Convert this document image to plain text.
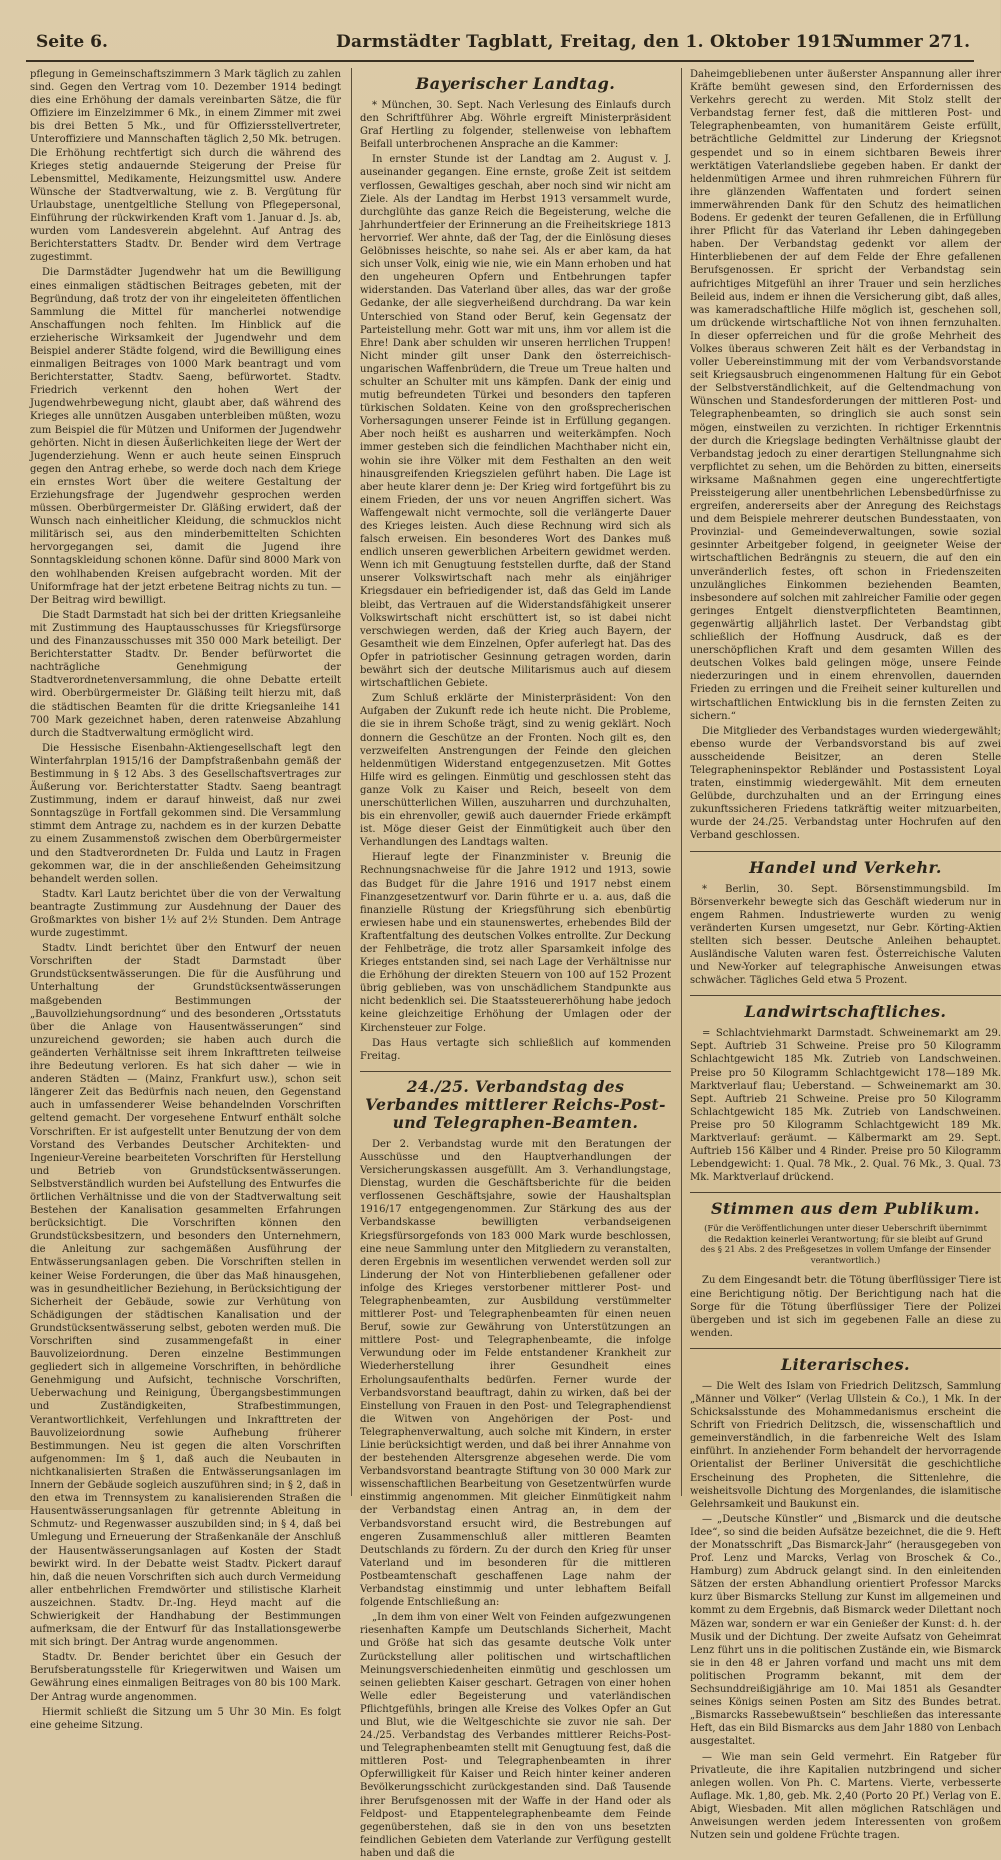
Seite 6.	Darmstädter Tagblatt, Freitag, den 1. Oktober 1915.
Nummer 271.

pflegung in Gemeinschaftszimmern 3 Mark täglich zu zahlen sind. Gegen den Vertrag vom 10. Dezember 1914 bedingt dies eine Erhöhung der damals vereinbarten Sätze, die für Offiziere im Einzelzimmer 6 Mk., in einem Zimmer mit zwei bis drei Betten 5 Mk., und für Offiziersstellvertreter, Unteroffiziere und Mannschaften täglich 2,50 Mk. betrugen. Die Erhöhung rechtfertigt sich durch die während des Krieges stetig andauernde Steigerung der Preise für Lebensmittel, Medikamente, Heizungsmittel usw. Andere Wünsche der Stadtverwaltung, wie z. B. Vergütung für Urlaubstage, unentgeltliche Stellung von Pflegepersonal, Einführung der rückwirkenden Kraft vom 1. Januar d. Js. ab, wurden vom Landesverein abgelehnt. Auf Antrag des Berichterstatters Stadtv. Dr. Bender wird dem Vertrage zugestimmt.

Die Darmstädter Jugendwehr hat um die Bewilligung eines einmaligen städtischen Beitrages gebeten, mit der Begründung, daß trotz der von ihr eingeleiteten öffentlichen Sammlung die Mittel für mancherlei notwendige Anschaffungen noch fehlten. Im Hinblick auf die erzieherische Wirksamkeit der Jugendwehr und dem Beispiel anderer Städte folgend, wird die Bewilligung eines einmaligen Beitrages von 1000 Mark beantragt und vom Berichterstatter, Stadtv. Saeng, befürwortet. Stadtv. Friedrich verkennt den hohen Wert der Jugendwehrbewegung nicht, glaubt aber, daß während des Krieges alle unnützen Ausgaben unterbleiben müßten, wozu zum Beispiel die für Mützen und Uniformen der Jugendwehr gehörten. Nicht in diesen Äußerlichkeiten liege der Wert der Jugenderziehung. Wenn er auch heute seinen Einspruch gegen den Antrag erhebe, so werde doch nach dem Kriege ein ernstes Wort über die weitere Gestaltung der Erziehungsfrage der Jugendwehr gesprochen werden müssen. Oberbürgermeister Dr. Gläßing erwidert, daß der Wunsch nach einheitlicher Kleidung, die schmucklos nicht militärisch sei, aus den minderbemittelten Schichten hervorgegangen sei, damit die Jugend ihre Sonntagskleidung schonen könne. Dafür sind 8000 Mark von den wohlhabenden Kreisen aufgebracht worden. Mit der Uniformfrage hat der jetzt erbetene Beitrag nichts zu tun. — Der Beitrag wird bewilligt.

Die Stadt Darmstadt hat sich bei der dritten Kriegsanleihe mit Zustimmung des Hauptausschusses für Kriegsfürsorge und des Finanzausschusses mit 350 000 Mark beteiligt. Der Berichterstatter Stadtv. Dr. Bender befürwortet die nachträgliche Genehmigung der Stadtverordnetenversammlung, die ohne Debatte erteilt wird. Oberbürgermeister Dr. Gläßing teilt hierzu mit, daß die städtischen Beamten für die dritte Kriegsanleihe 141 700 Mark gezeichnet haben, deren ratenweise Abzahlung durch die Stadtverwaltung ermöglicht wird.

Die Hessische Eisenbahn-Aktiengesellschaft legt den Winterfahrplan 1915/16 der Dampfstraßenbahn gemäß der Bestimmung in § 12 Abs. 3 des Gesellschaftsvertrages zur Äußerung vor. Berichterstatter Stadtv. Saeng beantragt Zustimmung, indem er darauf hinweist, daß nur zwei Sonntagszüge in Fortfall gekommen sind. Die Versammlung stimmt dem Antrage zu, nachdem es in der kurzen Debatte zu einem Zusammenstoß zwischen dem Oberbürgermeister und den Stadtverordneten Dr. Fulda und Lautz in Fragen gekommen war, die in der anschließenden Geheimsitzung behandelt werden sollen.

Stadtv. Karl Lautz berichtet über die von der Verwaltung beantragte Zustimmung zur Ausdehnung der Dauer des Großmarktes von bisher 1½ auf 2½ Stunden. Dem Antrage wurde zugestimmt.

Stadtv. Lindt berichtet über den Entwurf der neuen Vorschriften der Stadt Darmstadt über Grundstücksentwässerungen. Die für die Ausführung und Unterhaltung der Grundstücksentwässerungen maßgebenden Bestimmungen der „Bauvollziehungsordnung“ und des besonderen „Ortsstatuts über die Anlage von Hausentwässerungen“ sind unzureichend geworden; sie haben auch durch die geänderten Verhältnisse seit ihrem Inkrafttreten teilweise ihre Bedeutung verloren. Es hat sich daher — wie in anderen Städten — (Mainz, Frankfurt usw.), schon seit längerer Zeit das Bedürfnis nach neuen, den Gegenstand auch in umfassenderer Weise behandelnden Vorschriften geltend gemacht. Der vorgesehene Entwurf enthält solche Vorschriften. Er ist aufgestellt unter Benutzung der von dem Vorstand des Verbandes Deutscher Architekten- und Ingenieur-Vereine bearbeiteten Vorschriften für Herstellung und Betrieb von Grundstücksentwässerungen. Selbstverständlich wurden bei Aufstellung des Entwurfes die örtlichen Verhältnisse und die von der Stadtverwaltung seit Bestehen der Kanalisation gesammelten Erfahrungen berücksichtigt. Die Vorschriften können den Grundstücksbesitzern, und besonders den Unternehmern, die Anleitung zur sachgemäßen Ausführung der Entwässerungsanlagen geben. Die Vorschriften stellen in keiner Weise Forderungen, die über das Maß hinausgehen, was in gesundheitlicher Beziehung, in Berücksichtigung der Sicherheit der Gebäude, sowie zur Verhütung von Schädigungen der städtischen Kanalisation und der Grundstücksentwässerung selbst, geboten werden muß. Die Vorschriften sind zusammengefaßt in einer Bauvolizeiordnung. Deren einzelne Bestimmungen gegliedert sich in allgemeine Vorschriften, in behördliche Genehmigung und Aufsicht, technische Vorschriften, Ueberwachung und Reinigung, Übergangsbestimmungen und Zuständigkeiten, Strafbestimmungen, Verantwortlichkeit, Verfehlungen und Inkrafttreten der Bauvolizeiordnung sowie Aufhebung früherer Bestimmungen. Neu ist gegen die alten Vorschriften aufgenommen: Im § 1, daß auch die Neubauten in nichtkanalisierten Straßen die Entwässerungsanlagen im Innern der Gebäude sogleich auszuführen sind; in § 2, daß in den etwa im Trennsystem zu kanalisierenden Straßen die Hausentwässerungsanlagen für getrennte Ableitung in Schmutz- und Regenwasser auszubilden sind; in § 4, daß bei Umlegung und Erneuerung der Straßenkanäle der Anschluß der Hausentwässerungsanlagen auf Kosten der Stadt bewirkt wird. In der Debatte weist Stadtv. Pickert darauf hin, daß die neuen Vorschriften sich auch durch Vermeidung aller entbehrlichen Fremdwörter und stilistische Klarheit auszeichnen. Stadtv. Dr.-Ing. Heyd macht auf die Schwierigkeit der Handhabung der Bestimmungen aufmerksam, die der Entwurf für das Installationsgewerbe mit sich bringt. Der Antrag wurde angenommen.

Stadtv. Dr. Bender berichtet über ein Gesuch der Berufsberatungsstelle für Kriegerwitwen und Waisen um Gewährung eines einmaligen Beitrages von 80 bis 100 Mark. Der Antrag wurde angenommen.

Hiermit schließt die Sitzung um 5 Uhr 30 Min. Es folgt eine geheime Sitzung.

Bayerischer Landtag.

* München, 30. Sept. Nach Verlesung des Einlaufs durch den Schriftführer Abg. Wöhrle ergreift Ministerpräsident Graf Hertling zu folgender, stellenweise von lebhaftem Beifall unterbrochenen Ansprache an die Kammer:

In ernster Stunde ist der Landtag am 2. August v. J. auseinander gegangen. Eine ernste, große Zeit ist seitdem verflossen, Gewaltiges geschah, aber noch sind wir nicht am Ziele. Als der Landtag im Herbst 1913 versammelt wurde, durchglühte das ganze Reich die Begeisterung, welche die Jahrhundertfeier der Erinnerung an die Freiheitskriege 1813 hervorrief. Wer ahnte, daß der Tag, der die Einlösung dieses Gelöbnisses heischte, so nahe sei. Als er aber kam, da hat sich unser Volk, einig wie nie, wie ein Mann erhoben und hat den ungeheuren Opfern und Entbehrungen tapfer widerstanden. Das Vaterland über alles, das war der große Gedanke, der alle siegverheißend durchdrang. Da war kein Unterschied von Stand oder Beruf, kein Gegensatz der Parteistellung mehr. Gott war mit uns, ihm vor allem ist die Ehre! Dank aber schulden wir unseren herrlichen Truppen! Nicht minder gilt unser Dank den österreichisch-ungarischen Waffenbrüdern, die Treue um Treue halten und schulter an Schulter mit uns kämpfen. Dank der einig und mutig befreundeten Türkei und besonders den tapferen türkischen Soldaten. Keine von den großsprecherischen Vorhersagungen unserer Feinde ist in Erfüllung gegangen. Aber noch heißt es ausharren und weiterkämpfen. Noch immer gesteben sich die feindlichen Machthaber nicht ein, wohin sie ihre Völker mit dem Festhalten an den weit hinausgreifenden Kriegszielen geführt haben. Die Lage ist aber heute klarer denn je: Der Krieg wird fortgeführt bis zu einem Frieden, der uns vor neuen Angriffen sichert. Was Waffengewalt nicht vermochte, soll die verlängerte Dauer des Krieges leisten. Auch diese Rechnung wird sich als falsch erweisen. Ein besonderes Wort des Dankes muß endlich unseren gewerblichen Arbeitern gewidmet werden. Wenn ich mit Genugtuung feststellen durfte, daß der Stand unserer Volkswirtschaft nach mehr als einjähriger Kriegsdauer ein befriedigender ist, daß das Geld im Lande bleibt, das Vertrauen auf die Widerstandsfähigkeit unserer Volkswirtschaft nicht erschüttert ist, so ist dabei nicht verschwiegen werden, daß der Krieg auch Bayern, der Gesamtheit wie dem Einzelnen, Opfer auferlegt hat. Das des Opfer in patriotischer Gesinnung getragen worden, darin bewährt sich der deutsche Militarismus auch auf diesem wirtschaftlichen Gebiete.

Zum Schluß erklärte der Ministerpräsident: Von den Aufgaben der Zukunft rede ich heute nicht. Die Probleme, die sie in ihrem Schoße trägt, sind zu wenig geklärt. Noch donnern die Geschütze an der Fronten. Noch gilt es, den verzweifelten Anstrengungen der Feinde den gleichen heldenmütigen Widerstand entgegenzusetzen. Mit Gottes Hilfe wird es gelingen. Einmütig und geschlossen steht das ganze Volk zu Kaiser und Reich, beseelt von dem unerschütterlichen Willen, auszuharren und durchzuhalten, bis ein ehrenvoller, gewiß auch dauernder Friede erkämpft ist. Möge dieser Geist der Einmütigkeit auch über den Verhandlungen des Landtags walten.

Hierauf legte der Finanzminister v. Breunig die Rechnungsnachweise für die Jahre 1912 und 1913, sowie das Budget für die Jahre 1916 und 1917 nebst einem Finanzgesetzentwurf vor. Darin führte er u. a. aus, daß die finanzielle Rüstung der Kriegsführung sich ebenbürtig erwiesen habe und ein staunenswertes, erhebendes Bild der Kraftentfaltung des deutschen Volkes entrollte. Zur Deckung der Fehlbeträge, die trotz aller Sparsamkeit infolge des Krieges entstanden sind, sei nach Lage der Verhältnisse nur die Erhöhung der direkten Steuern von 100 auf 152 Prozent übrig geblieben, was von unschädlichem Standpunkte aus nicht bedenklich sei. Die Staatssteuererhöhung habe jedoch keine gleichzeitige Erhöhung der Umlagen oder der Kirchensteuer zur Folge.

Das Haus vertagte sich schließlich auf kommenden Freitag.

24./25. Verbandstag des Verbandes mittlerer Reichs-Post- und Telegraphen-Beamten.

Der 2. Verbandstag wurde mit den Beratungen der Ausschüsse und den Hauptverhandlungen der Versicherungskassen ausgefüllt. Am 3. Verhandlungstage, Dienstag, wurden die Geschäftsberichte für die beiden verflossenen Geschäftsjahre, sowie der Haushaltsplan 1916/17 entgegengenommen. Zur Stärkung des aus der Verbandskasse bewilligten verbandseigenen Kriegsfürsorgefonds von 183 000 Mark wurde beschlossen, eine neue Sammlung unter den Mitgliedern zu veranstalten, deren Ergebnis im wesentlichen verwendet werden soll zur Linderung der Not von Hinterbliebenen gefallener oder infolge des Krieges verstorbener mittlerer Post- und Telegraphenbeamten, zur Ausbildung verstümmelter mittlerer Post- und Telegraphenbeamten für einen neuen Beruf, sowie zur Gewährung von Unterstützungen an mittlere Post- und Telegraphenbeamte, die infolge Verwundung oder im Felde entstandener Krankheit zur Wiederherstellung ihrer Gesundheit eines Erholungsaufenthalts bedürfen. Ferner wurde der Verbandsvorstand beauftragt, dahin zu wirken, daß bei der Einstellung von Frauen in den Post- und Telegraphendienst die Witwen von Angehörigen der Post- und Telegraphenverwaltung, auch solche mit Kindern, in erster Linie berücksichtigt werden, und daß bei ihrer Annahme von der bestehenden Altersgrenze abgesehen werde. Die vom Verbandsvorstand beantragte Stiftung von 30 000 Mark zur wissenschaftlichen Bearbeitung von Gesetzentwürfen wurde einstimmig angenommen. Mit gleicher Einmütigkeit nahm der Verbandstag einen Antrag an, in dem der Verbandsvorstand ersucht wird, die Bestrebungen auf engeren Zusammenschluß aller mittleren Beamten Deutschlands zu fördern. Zu der durch den Krieg für unser Vaterland und im besonderen für die mittleren Postbeamtenschaft geschaffenen Lage nahm der Verbandstag einstimmig und unter lebhaftem Beifall folgende Entschließung an:

„In dem ihm von einer Welt von Feinden aufgezwungenen riesenhaften Kampfe um Deutschlands Sicherheit, Macht und Größe hat sich das gesamte deutsche Volk unter Zurückstellung aller politischen und wirtschaftlichen Meinungsverschiedenheiten einmütig und geschlossen um seinen geliebten Kaiser geschart. Getragen von einer hohen Welle edler Begeisterung und vaterländischen Pflichtgefühls, bringen alle Kreise des Volkes Opfer an Gut und Blut, wie die Weltgeschichte sie zuvor nie sah. Der 24./25. Verbandstag des Verbandes mittlerer Reichs-Post- und Telegraphenbeamten stellt mit Genugtuung fest, daß die mittleren Post- und Telegraphenbeamten in ihrer Opferwilligkeit für Kaiser und Reich hinter keiner anderen Bevölkerungsschicht zurückgestanden sind. Daß Tausende ihrer Berufsgenossen mit der Waffe in der Hand oder als Feldpost- und Etappentelegraphenbeamte dem Feinde gegenüberstehen, daß sie in den von uns besetzten feindlichen Gebieten dem Vaterlande zur Verfügung gestellt haben und daß die

Daheimgebliebenen unter äußerster Anspannung aller ihrer Kräfte bemüht gewesen sind, den Erfordernissen des Verkehrs gerecht zu werden. Mit Stolz stellt der Verbandstag ferner fest, daß die mittleren Post- und Telegraphenbeamten, von humanitärem Geiste erfüllt, beträchtliche Geldmittel zur Linderung der Kriegsnot gespendet und so in einem sichtbaren Beweis ihrer werktätigen Vaterlandsliebe gegeben haben. Er dankt der heldenmütigen Armee und ihren ruhmreichen Führern für ihre glänzenden Waffentaten und fordert seinen immerwährenden Dank für den Schutz des heimatlichen Bodens. Er gedenkt der teuren Gefallenen, die in Erfüllung ihrer Pflicht für das Vaterland ihr Leben dahingegeben haben. Der Verbandstag gedenkt vor allem der Hinterbliebenen der auf dem Felde der Ehre gefallenen Berufsgenossen. Er spricht der Verbandstag sein aufrichtiges Mitgefühl an ihrer Trauer und sein herzliches Beileid aus, indem er ihnen die Versicherung gibt, daß alles, was kameradschaftliche Hilfe möglich ist, geschehen soll, um drückende wirtschaftliche Not von ihnen fernzuhalten. In dieser opferreichen und für die große Mehrheit des Volkes überaus schweren Zeit hält es der Verbandstag in voller Uebereinstimmung mit der vom Verbandsvorstande seit Kriegsausbruch eingenommenen Haltung für ein Gebot der Selbstverständlichkeit, auf die Geltendmachung von Wünschen und Standesforderungen der mittleren Post- und Telegraphenbeamten, so dringlich sie auch sonst sein mögen, einstweilen zu verzichten. In richtiger Erkenntnis der durch die Kriegslage bedingten Verhältnisse glaubt der Verbandstag jedoch zu einer derartigen Stellungnahme sich verpflichtet zu sehen, um die Behörden zu bitten, einerseits wirksame Maßnahmen gegen eine ungerechtfertigte Preissteigerung aller unentbehrlichen Lebensbedürfnisse zu ergreifen, andererseits aber der Anregung des Reichstags und dem Beispiele mehrerer deutschen Bundesstaaten, von Provinzial- und Gemeindeverwaltungen, sowie sozial gesinnter Arbeitgeber folgend, in geeigneter Weise der wirtschaftlichen Bedrängnis zu steuern, die auf den ein unveränderlich festes, oft schon in Friedenszeiten unzulängliches Einkommen beziehenden Beamten, insbesondere auf solchen mit zahlreicher Familie oder gegen geringes Entgelt dienstverpflichteten Beamtinnen, gegenwärtig alljährlich lastet. Der Verbandstag gibt schließlich der Hoffnung Ausdruck, daß es der unerschöpflichen Kraft und dem gesamten Willen des deutschen Volkes bald gelingen möge, unsere Feinde niederzuringen und in einem ehrenvollen, dauernden Frieden zu erringen und die Freiheit seiner kulturellen und wirtschaftlichen Entwicklung bis in die fernsten Zeiten zu sichern.“

Die Mitglieder des Verbandstages wurden wiedergewählt; ebenso wurde der Verbandsvorstand bis auf zwei ausscheidende Beisitzer, an deren Stelle Telegrapheninspektor Rebländer und Postassistent Loyal traten, einstimmig wiedergewählt. Mit dem erneuten Gelübde, durchzuhalten und an der Erringung eines zukunftssicheren Friedens tatkräftig weiter mitzuarbeiten, wurde der 24./25. Verbandstag unter Hochrufen auf den Verband geschlossen.

Handel und Verkehr.

* Berlin, 30. Sept. Börsenstimmungsbild. Im Börsenverkehr bewegte sich das Geschäft wiederum nur in engem Rahmen. Industriewerte wurden zu wenig veränderten Kursen umgesetzt, nur Gebr. Körting-Aktien stellten sich besser. Deutsche Anleihen behauptet. Ausländische Valuten waren fest. Österreichische Valuten und New-Yorker auf telegraphische Anweisungen etwas schwächer. Tägliches Geld etwa 5 Prozent.

Landwirtschaftliches.

= Schlachtviehmarkt Darmstadt. Schweinemarkt am 29. Sept. Auftrieb 31 Schweine. Preise pro 50 Kilogramm Schlachtgewicht 185 Mk. Zutrieb von Landschweinen. Preise pro 50 Kilogramm Schlachtgewicht 178—189 Mk. Marktverlauf flau; Ueberstand. — Schweinemarkt am 30. Sept. Auftrieb 21 Schweine. Preise pro 50 Kilogramm Schlachtgewicht 185 Mk. Zutrieb von Landschweinen. Preise pro 50 Kilogramm Schlachtgewicht 189 Mk. Marktverlauf: geräumt. — Kälbermarkt am 29. Sept. Auftrieb 156 Kälber und 4 Rinder. Preise pro 50 Kilogramm Lebendgewicht: 1. Qual. 78 Mk., 2. Qual. 76 Mk., 3. Qual. 73 Mk. Marktverlauf drückend.

Stimmen aus dem Publikum.
(Für die Veröffentlichungen unter dieser Ueberschrift übernimmt die Redaktion keinerlei Verantwortung; für sie bleibt auf Grund des § 21 Abs. 2 des Preßgesetzes in vollem Umfange der Einsender verantwortlich.)

Zu dem Eingesandt betr. die Tötung überflüssiger Tiere ist eine Berichtigung nötig. Der Berichtigung nach hat die Sorge für die Tötung überflüssiger Tiere der Polizei übergeben und ist sich im gegebenen Falle an diese zu wenden.

Literarisches.

— Die Welt des Islam von Friedrich Delitzsch, Sammlung „Männer und Völker“ (Verlag Ullstein & Co.), 1 Mk. In der Schicksalsstunde des Mohammedanismus erscheint die Schrift von Friedrich Delitzsch, die, wissenschaftlich und gemeinverständlich, in die farbenreiche Welt des Islam einführt. In anziehender Form behandelt der hervorragende Orientalist der Berliner Universität die geschichtliche Erscheinung des Propheten, die Sittenlehre, die weisheitsvolle Dichtung des Morgenlandes, die islamitische Gelehrsamkeit und Baukunst ein.

— „Deutsche Künstler“ und „Bismarck und die deutsche Idee“, so sind die beiden Aufsätze bezeichnet, die die 9. Heft der Monatsschrift „Das Bismarck-Jahr“ (herausgegeben von Prof. Lenz und Marcks, Verlag von Broschek & Co., Hamburg) zum Abdruck gelangt sind. In den einleitenden Sätzen der ersten Abhandlung orientiert Professor Marcks kurz über Bismarcks Stellung zur Kunst im allgemeinen und kommt zu dem Ergebnis, daß Bismarck weder Dilettant noch Mäzen war, sondern er war ein Genießer der Kunst: d. h. der Musik und der Dichtung. Der zweite Aufsatz von Geheimrat Lenz führt uns in die politischen Zustände ein, wie Bismarck sie in den 48 er Jahren vorfand und macht uns mit dem politischen Programm bekannt, mit dem der Sechsunddreißigjährige am 10. Mai 1851 als Gesandter seines Königs seinen Posten am Sitz des Bundes betrat. „Bismarcks Rassebewußtsein“ beschließen das interessante Heft, das ein Bild Bismarcks aus dem Jahr 1880 von Lenbach ausgestaltet.

— Wie man sein Geld vermehrt. Ein Ratgeber für Privatleute, die ihre Kapitalien nutzbringend und sicher anlegen wollen. Von Ph. C. Martens. Vierte, verbesserte Auflage. Mk. 1,80, geb. Mk. 2,40 (Porto 20 Pf.) Verlag von E. Abigt, Wiesbaden. Mit allen möglichen Ratschlägen und Anweisungen werden jedem Interessenten von großem Nutzen sein und goldene Früchte tragen.
